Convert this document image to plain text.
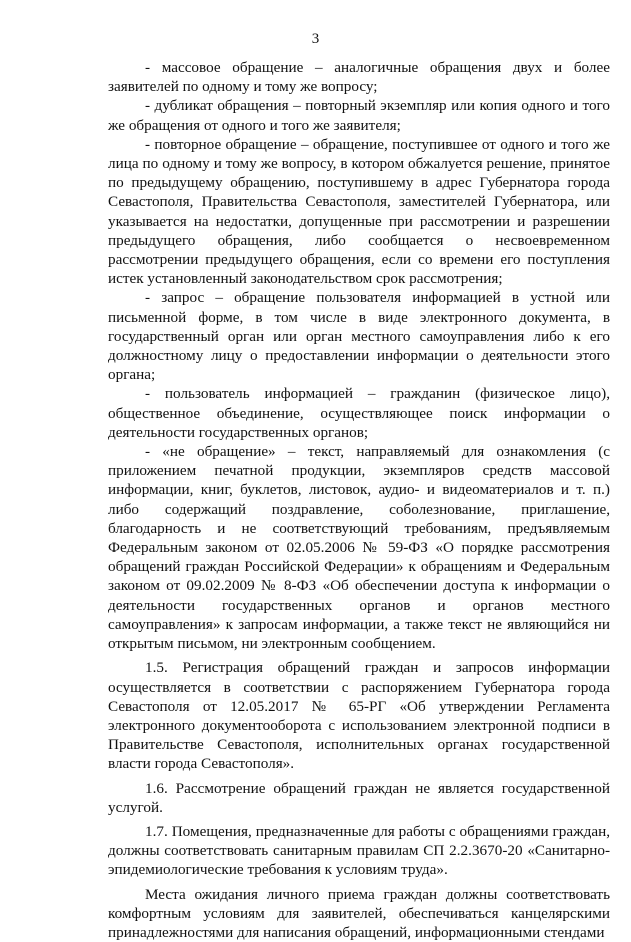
3

- массовое обращение – аналогичные обращения двух и более заявителей по одному и тому же вопросу;

- дубликат обращения – повторный экземпляр или копия одного и того же обращения от одного и того же заявителя;

- повторное обращение – обращение, поступившее от одного и того же лица по одному и тому же вопросу, в котором обжалуется решение, принятое по предыдущему обращению, поступившему в адрес Губернатора города Севастополя, Правительства Севастополя, заместителей Губернатора, или указывается на недостатки, допущенные при рассмотрении и разрешении предыдущего обращения, либо сообщается о несвоевременном рассмотрении предыдущего обращения, если со времени его поступления истек установленный законодательством срок рассмотрения;

- запрос – обращение пользователя информацией в устной или письменной форме, в том числе в виде электронного документа, в государственный орган или орган местного самоуправления либо к его должностному лицу о предоставлении информации о деятельности этого органа;

- пользователь информацией – гражданин (физическое лицо), общественное объединение, осуществляющее поиск информации о деятельности государственных органов;

- «не обращение» – текст, направляемый для ознакомления (с приложением печатной продукции, экземпляров средств массовой информации, книг, буклетов, листовок, аудио- и видеоматериалов и т. п.) либо содержащий поздравление, соболезнование, приглашение, благодарность и не соответствующий требованиям, предъявляемым Федеральным законом от 02.05.2006 № 59-ФЗ «О порядке рассмотрения обращений граждан Российской Федерации» к обращениям и Федеральным законом от 09.02.2009 № 8-ФЗ «Об обеспечении доступа к информации о деятельности государственных органов и органов местного самоуправления» к запросам информации, а также текст не являющийся ни открытым письмом, ни электронным сообщением.

1.5. Регистрация обращений граждан и запросов информации осуществляется в соответствии с распоряжением Губернатора города Севастополя от 12.05.2017 № 65-РГ «Об утверждении Регламента электронного документооборота с использованием электронной подписи в Правительстве Севастополя, исполнительных органах государственной власти города Севастополя».

1.6. Рассмотрение обращений граждан не является государственной услугой.

1.7. Помещения, предназначенные для работы с обращениями граждан, должны соответствовать санитарным правилам СП 2.2.3670-20 «Санитарно-эпидемиологические требования к условиям труда».

Места ожидания личного приема граждан должны соответствовать комфортным условиям для заявителей, обеспечиваться канцелярскими принадлежностями для написания обращений, информационными стендами
